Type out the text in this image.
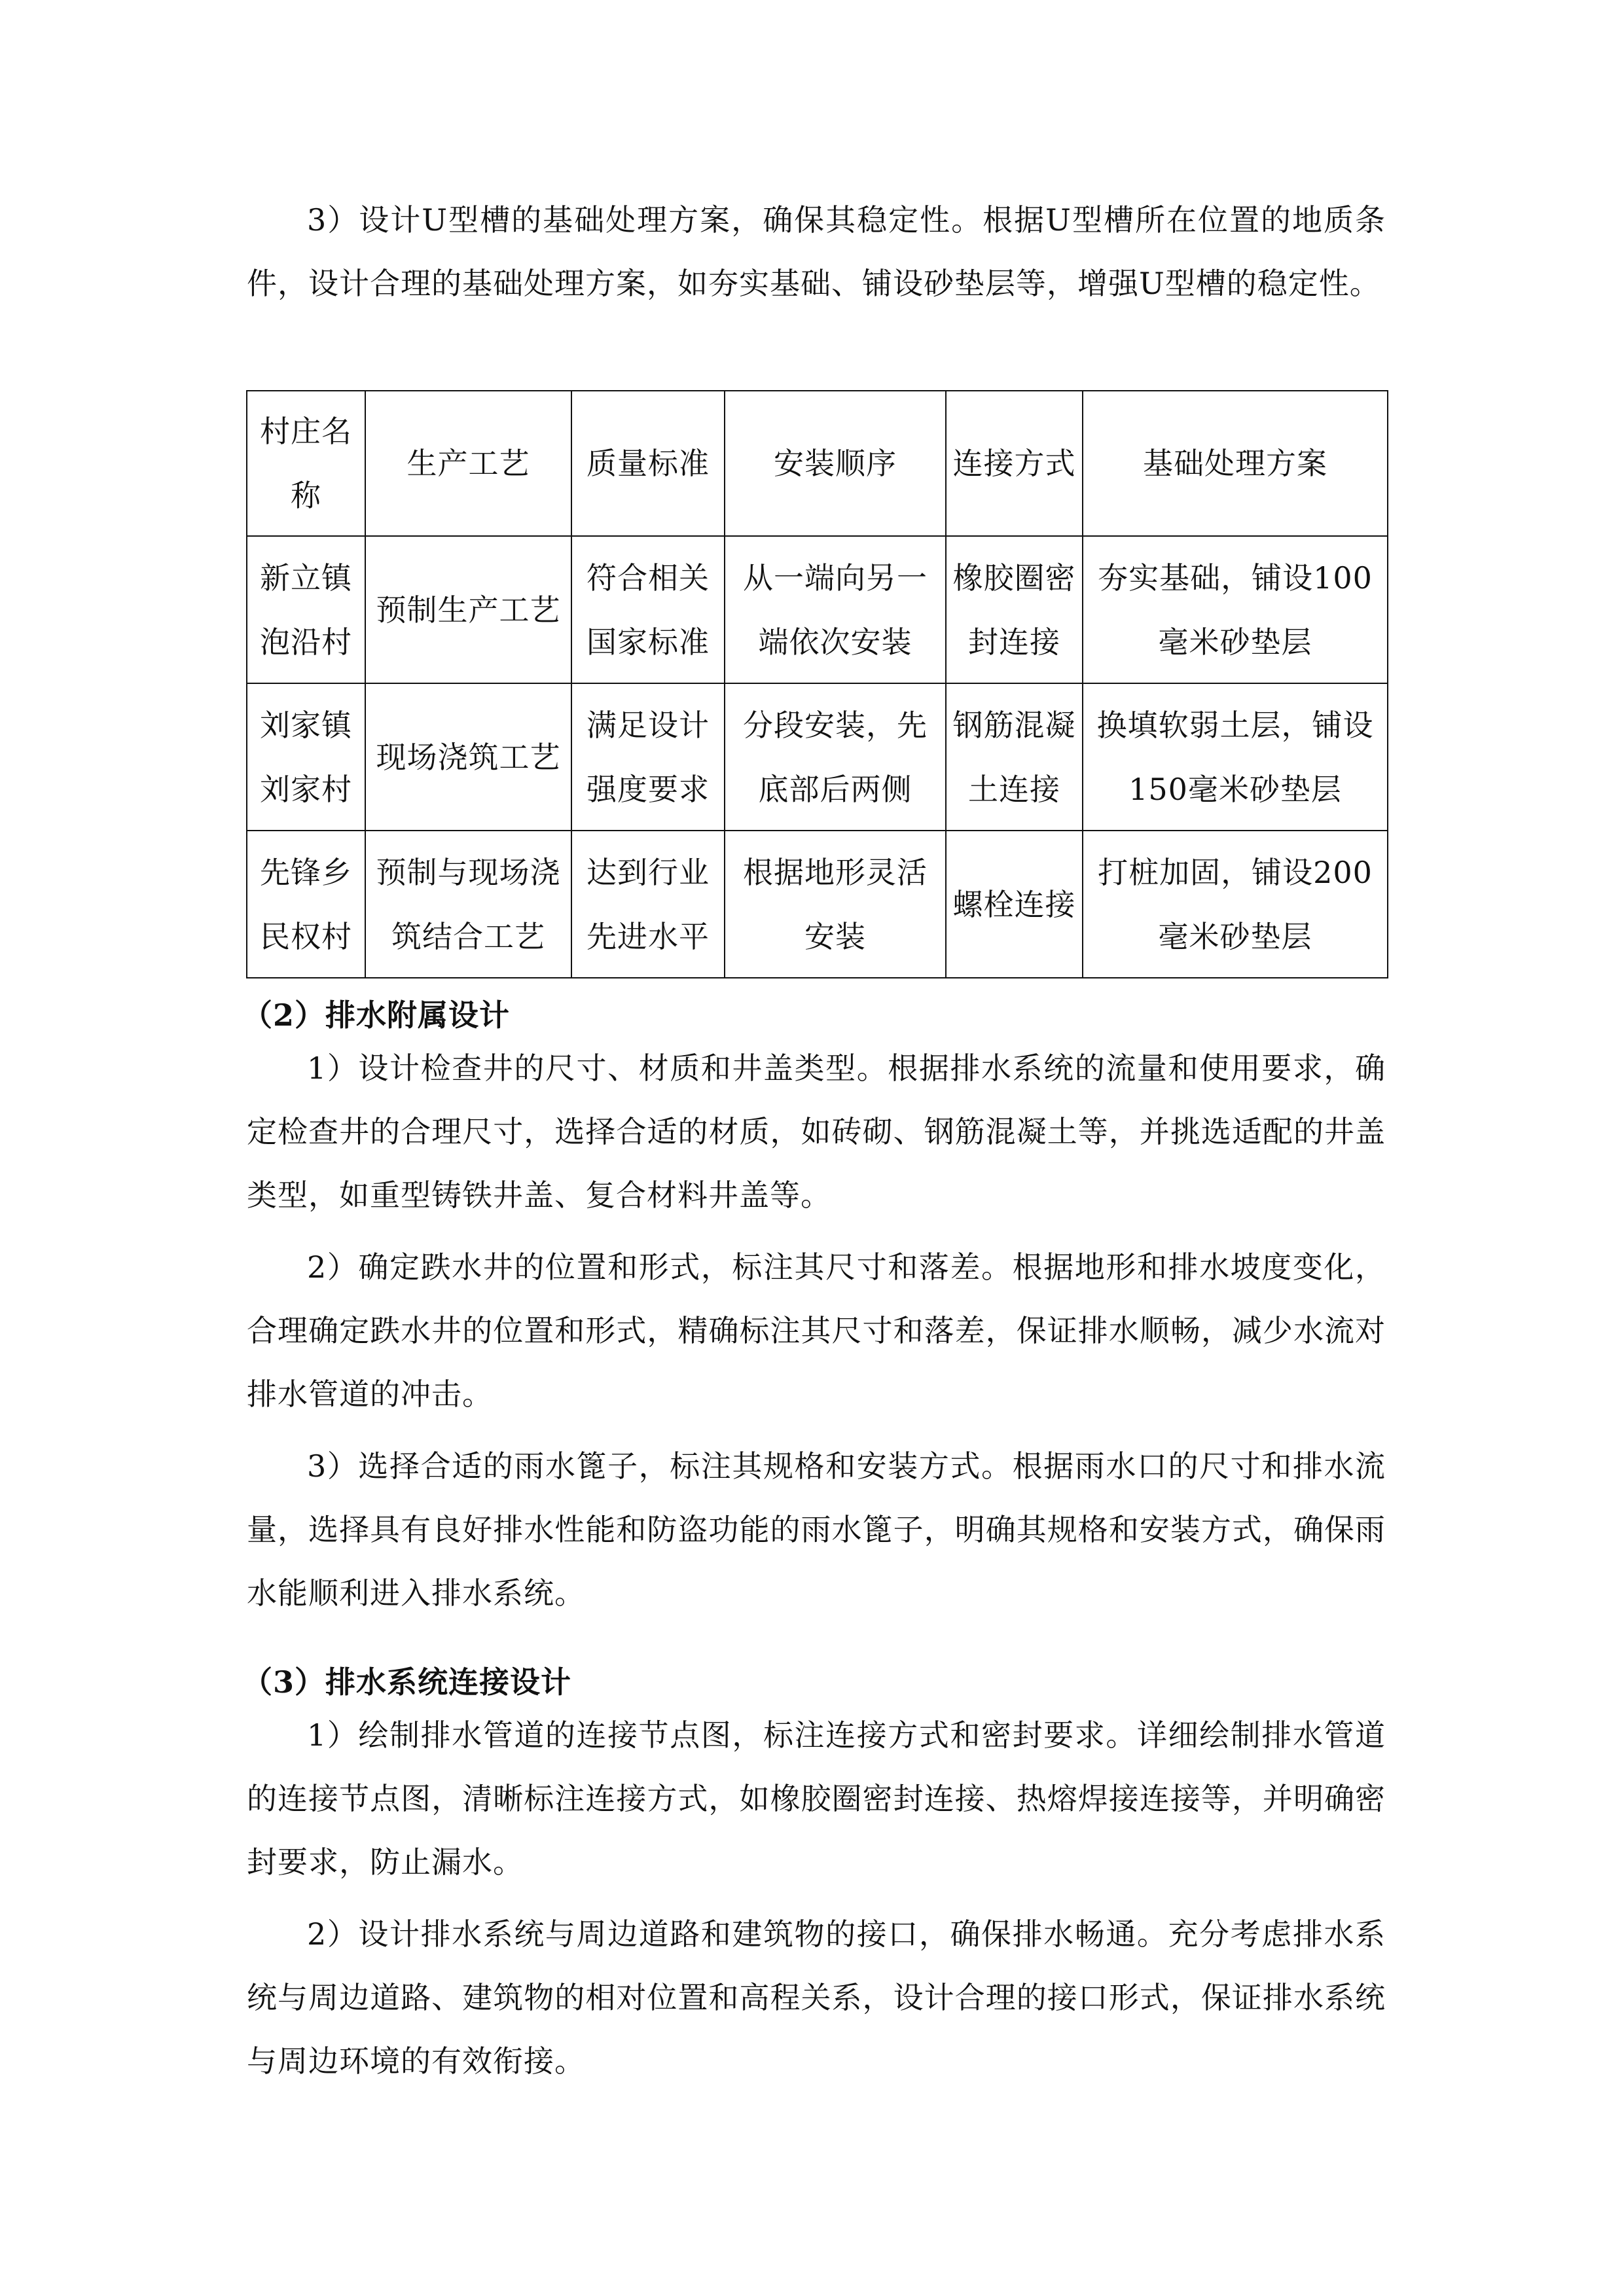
3）设计U型槽的基础处理方案，确保其稳定性。根据U型槽所在位置的地质条件，设计合理的基础处理方案，如夯实基础、铺设砂垫层等，增强U型槽的稳定性。

村庄名称	生产工艺	质量标准	安装顺序	连接方式	基础处理方案
新立镇泡沿村	预制生产工艺	符合相关国家标准	从一端向另一端依次安装	橡胶圈密封连接	夯实基础，铺设100毫米砂垫层
刘家镇刘家村	现场浇筑工艺	满足设计强度要求	分段安装，先底部后两侧	钢筋混凝土连接	换填软弱土层，铺设150毫米砂垫层
先锋乡民权村	预制与现场浇筑结合工艺	达到行业先进水平	根据地形灵活安装	螺栓连接	打桩加固，铺设200毫米砂垫层
（2）排水附属设计

1）设计检查井的尺寸、材质和井盖类型。根据排水系统的流量和使用要求，确定检查井的合理尺寸，选择合适的材质，如砖砌、钢筋混凝土等，并挑选适配的井盖类型，如重型铸铁井盖、复合材料井盖等。

2）确定跌水井的位置和形式，标注其尺寸和落差。根据地形和排水坡度变化，合理确定跌水井的位置和形式，精确标注其尺寸和落差，保证排水顺畅，减少水流对排水管道的冲击。

3）选择合适的雨水篦子，标注其规格和安装方式。根据雨水口的尺寸和排水流量，选择具有良好排水性能和防盗功能的雨水篦子，明确其规格和安装方式，确保雨水能顺利进入排水系统。

（3）排水系统连接设计

1）绘制排水管道的连接节点图，标注连接方式和密封要求。详细绘制排水管道的连接节点图，清晰标注连接方式，如橡胶圈密封连接、热熔焊接连接等，并明确密封要求，防止漏水。

2）设计排水系统与周边道路和建筑物的接口，确保排水畅通。充分考虑排水系统与周边道路、建筑物的相对位置和高程关系，设计合理的接口形式，保证排水系统与周边环境的有效衔接。
